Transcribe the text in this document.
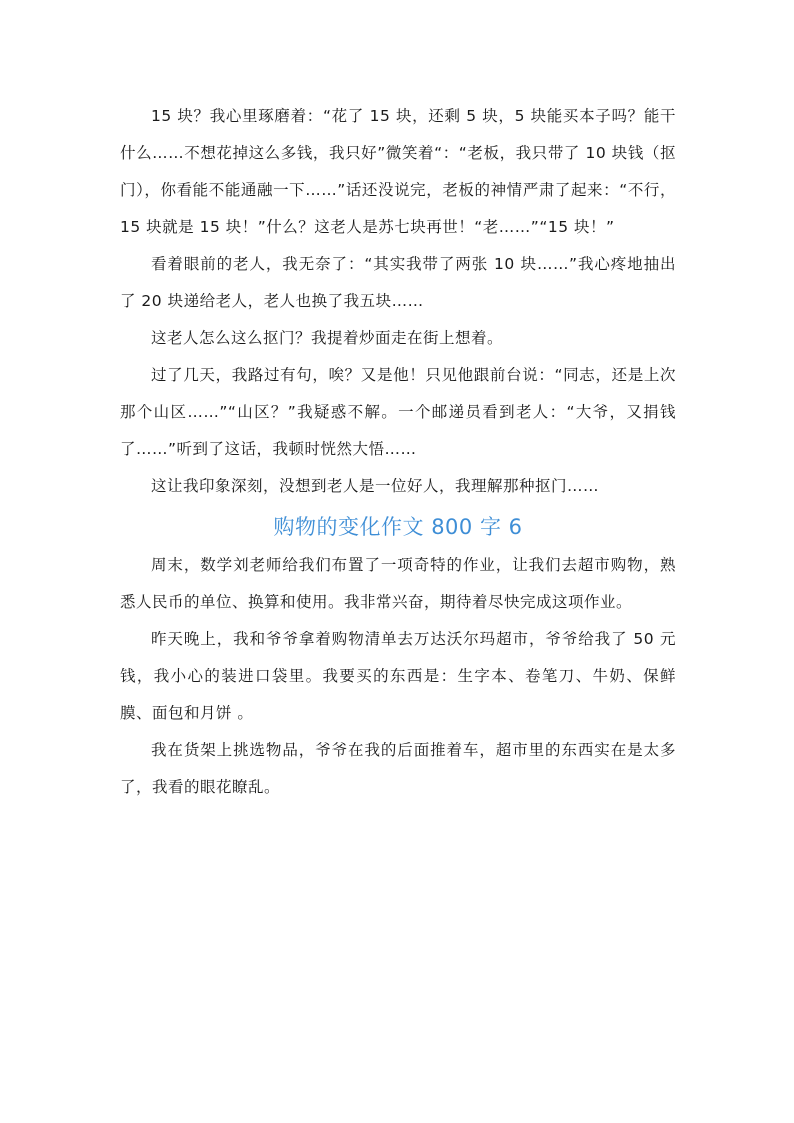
15 块？我心里琢磨着：“花了 15 块，还剩 5 块，5 块能买本子吗？能干什么……不想花掉这么多钱，我只好”微笑着“：“老板，我只带了 10 块钱（抠门），你看能不能通融一下……”话还没说完，老板的神情严肃了起来：“不行，15 块就是 15 块！”什么？这老人是苏七块再世！“老……”“15 块！”

看着眼前的老人，我无奈了：“其实我带了两张 10 块……”我心疼地抽出了 20 块递给老人，老人也换了我五块……

这老人怎么这么抠门？我提着炒面走在街上想着。

过了几天，我路过有句，唉？又是他！只见他跟前台说：“同志，还是上次那个山区……”“山区？”我疑惑不解。一个邮递员看到老人：“大爷，又捐钱了……”听到了这话，我顿时恍然大悟……

这让我印象深刻，没想到老人是一位好人，我理解那种抠门……

购物的变化作文 800 字 6

周末，数学刘老师给我们布置了一项奇特的作业，让我们去超市购物，熟悉人民币的单位、换算和使用。我非常兴奋，期待着尽快完成这项作业。

昨天晚上，我和爷爷拿着购物清单去万达沃尔玛超市，爷爷给我了 50 元钱，我小心的装进口袋里。我要买的东西是：生字本、卷笔刀、牛奶、保鲜膜、面包和月饼 。

我在货架上挑选物品，爷爷在我的后面推着车，超市里的东西实在是太多了，我看的眼花瞭乱。
